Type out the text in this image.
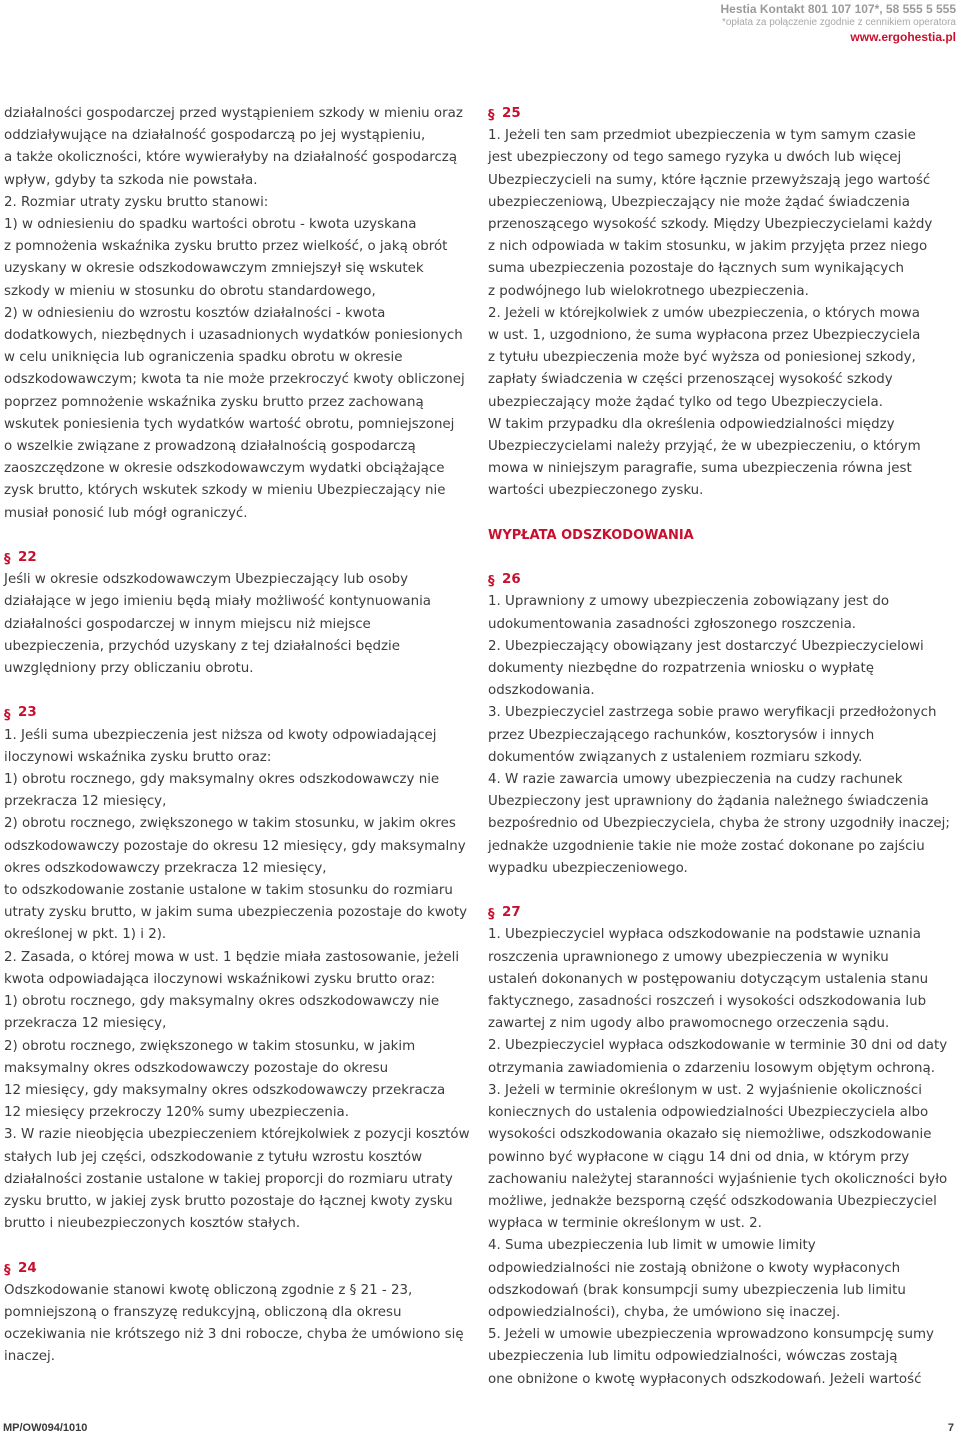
Hestia Kontakt 801 107 107*, 58 555 5 555
*opłata za połączenie zgodnie z cennikiem operatora
www.ergohestia.pl

działalności gospodarczej przed wystąpieniem szkody w mieniu oraz

oddziaływujące na działalność gospodarczą po jej wystąpieniu,

a także okoliczności, które wywierałyby na działalność gospodarczą

wpływ, gdyby ta szkoda nie powstała.

2. Rozmiar utraty zysku brutto stanowi:

1) w odniesieniu do spadku wartości obrotu - kwota uzyskana

z pomnożenia wskaźnika zysku brutto przez wielkość, o jaką obrót

uzyskany w okresie odszkodowawczym zmniejszył się wskutek

szkody w mieniu w stosunku do obrotu standardowego,

2) w odniesieniu do wzrostu kosztów działalności - kwota

dodatkowych, niezbędnych i uzasadnionych wydatków poniesionych

w celu uniknięcia lub ograniczenia spadku obrotu w okresie

odszkodowawczym; kwota ta nie może przekroczyć kwoty obliczonej

poprzez pomnożenie wskaźnika zysku brutto przez zachowaną

wskutek poniesienia tych wydatków wartość obrotu, pomniejszonej

o wszelkie związane z prowadzoną działalnością gospodarczą

zaoszczędzone w okresie odszkodowawczym wydatki obciążające

zysk brutto, których wskutek szkody w mieniu Ubezpieczający nie

musiał ponosić lub mógł ograniczyć.

§ 22

Jeśli w okresie odszkodowawczym Ubezpieczający lub osoby

działające w jego imieniu będą miały możliwość kontynuowania

działalności gospodarczej w innym miejscu niż miejsce

ubezpieczenia, przychód uzyskany z tej działalności będzie

uwzględniony przy obliczaniu obrotu.

§ 23

1. Jeśli suma ubezpieczenia jest niższa od kwoty odpowiadającej

iloczynowi wskaźnika zysku brutto oraz:

1) obrotu rocznego, gdy maksymalny okres odszkodowawczy nie

przekracza 12 miesięcy,

2) obrotu rocznego, zwiększonego w takim stosunku, w jakim okres

odszkodowawczy pozostaje do okresu 12 miesięcy, gdy maksymalny

okres odszkodowawczy przekracza 12 miesięcy,

to odszkodowanie zostanie ustalone w takim stosunku do rozmiaru

utraty zysku brutto, w jakim suma ubezpieczenia pozostaje do kwoty

określonej w pkt. 1) i 2).

2. Zasada, o której mowa w ust. 1 będzie miała zastosowanie, jeżeli

kwota odpowiadająca iloczynowi wskaźnikowi zysku brutto oraz:

1) obrotu rocznego, gdy maksymalny okres odszkodowawczy nie

przekracza 12 miesięcy,

2) obrotu rocznego, zwiększonego w takim stosunku, w jakim

maksymalny okres odszkodowawczy pozostaje do okresu

12 miesięcy, gdy maksymalny okres odszkodowawczy przekracza

12 miesięcy przekroczy 120% sumy ubezpieczenia.

3. W razie nieobjęcia ubezpieczeniem którejkolwiek z pozycji kosztów

stałych lub jej części, odszkodowanie z tytułu wzrostu kosztów

działalności zostanie ustalone w takiej proporcji do rozmiaru utraty

zysku brutto, w jakiej zysk brutto pozostaje do łącznej kwoty zysku

brutto i nieubezpieczonych kosztów stałych.

§ 24

Odszkodowanie stanowi kwotę obliczoną zgodnie z § 21 - 23,

pomniejszoną o franszyzę redukcyjną, obliczoną dla okresu

oczekiwania nie krótszego niż 3 dni robocze, chyba że umówiono się

inaczej.

§ 25

1. Jeżeli ten sam przedmiot ubezpieczenia w tym samym czasie

jest ubezpieczony od tego samego ryzyka u dwóch lub więcej

Ubezpieczycieli na sumy, które łącznie przewyższają jego wartość

ubezpieczeniową, Ubezpieczający nie może żądać świadczenia

przenoszącego wysokość szkody. Między Ubezpieczycielami każdy

z nich odpowiada w takim stosunku, w jakim przyjęta przez niego

suma ubezpieczenia pozostaje do łącznych sum wynikających

z podwójnego lub wielokrotnego ubezpieczenia.

2. Jeżeli w którejkolwiek z umów ubezpieczenia, o których mowa

w ust. 1, uzgodniono, że suma wypłacona przez Ubezpieczyciela

z tytułu ubezpieczenia może być wyższa od poniesionej szkody,

zapłaty świadczenia w części przenoszącej wysokość szkody

ubezpieczający może żądać tylko od tego Ubezpieczyciela.

W takim przypadku dla określenia odpowiedzialności między

Ubezpieczycielami należy przyjąć, że w ubezpieczeniu, o którym

mowa w niniejszym paragrafie, suma ubezpieczenia równa jest

wartości ubezpieczonego zysku.

WYPŁATA ODSZKODOWANIA

§ 26

1. Uprawniony z umowy ubezpieczenia zobowiązany jest do

udokumentowania zasadności zgłoszonego roszczenia.

2. Ubezpieczający obowiązany jest dostarczyć Ubezpieczycielowi

dokumenty niezbędne do rozpatrzenia wniosku o wypłatę

odszkodowania.

3. Ubezpieczyciel zastrzega sobie prawo weryfikacji przedłożonych

przez Ubezpieczającego rachunków, kosztorysów i innych

dokumentów związanych z ustaleniem rozmiaru szkody.

4. W razie zawarcia umowy ubezpieczenia na cudzy rachunek

Ubezpieczony jest uprawniony do żądania należnego świadczenia

bezpośrednio od Ubezpieczyciela, chyba że strony uzgodniły inaczej;

jednakże uzgodnienie takie nie może zostać dokonane po zajściu

wypadku ubezpieczeniowego.

§ 27

1. Ubezpieczyciel wypłaca odszkodowanie na podstawie uznania

roszczenia uprawnionego z umowy ubezpieczenia w wyniku

ustaleń dokonanych w postępowaniu dotyczącym ustalenia stanu

faktycznego, zasadności roszczeń i wysokości odszkodowania lub

zawartej z nim ugody albo prawomocnego orzeczenia sądu.

2. Ubezpieczyciel wypłaca odszkodowanie w terminie 30 dni od daty

otrzymania zawiadomienia o zdarzeniu losowym objętym ochroną.

3. Jeżeli w terminie określonym w ust. 2 wyjaśnienie okoliczności

koniecznych do ustalenia odpowiedzialności Ubezpieczyciela albo

wysokości odszkodowania okazało się niemożliwe, odszkodowanie

powinno być wypłacone w ciągu 14 dni od dnia, w którym przy

zachowaniu należytej staranności wyjaśnienie tych okoliczności było

możliwe, jednakże bezsporną część odszkodowania Ubezpieczyciel

wypłaca w terminie określonym w ust. 2.

4. Suma ubezpieczenia lub limit w umowie limity

odpowiedzialności nie zostają obniżone o kwoty wypłaconych

odszkodowań (brak konsumpcji sumy ubezpieczenia lub limitu

odpowiedzialności), chyba, że umówiono się inaczej.

5. Jeżeli w umowie ubezpieczenia wprowadzono konsumpcję sumy

ubezpieczenia lub limitu odpowiedzialności, wówczas zostają

one obniżone o kwotę wypłaconych odszkodowań. Jeżeli wartość

MP/OW094/1010	7
